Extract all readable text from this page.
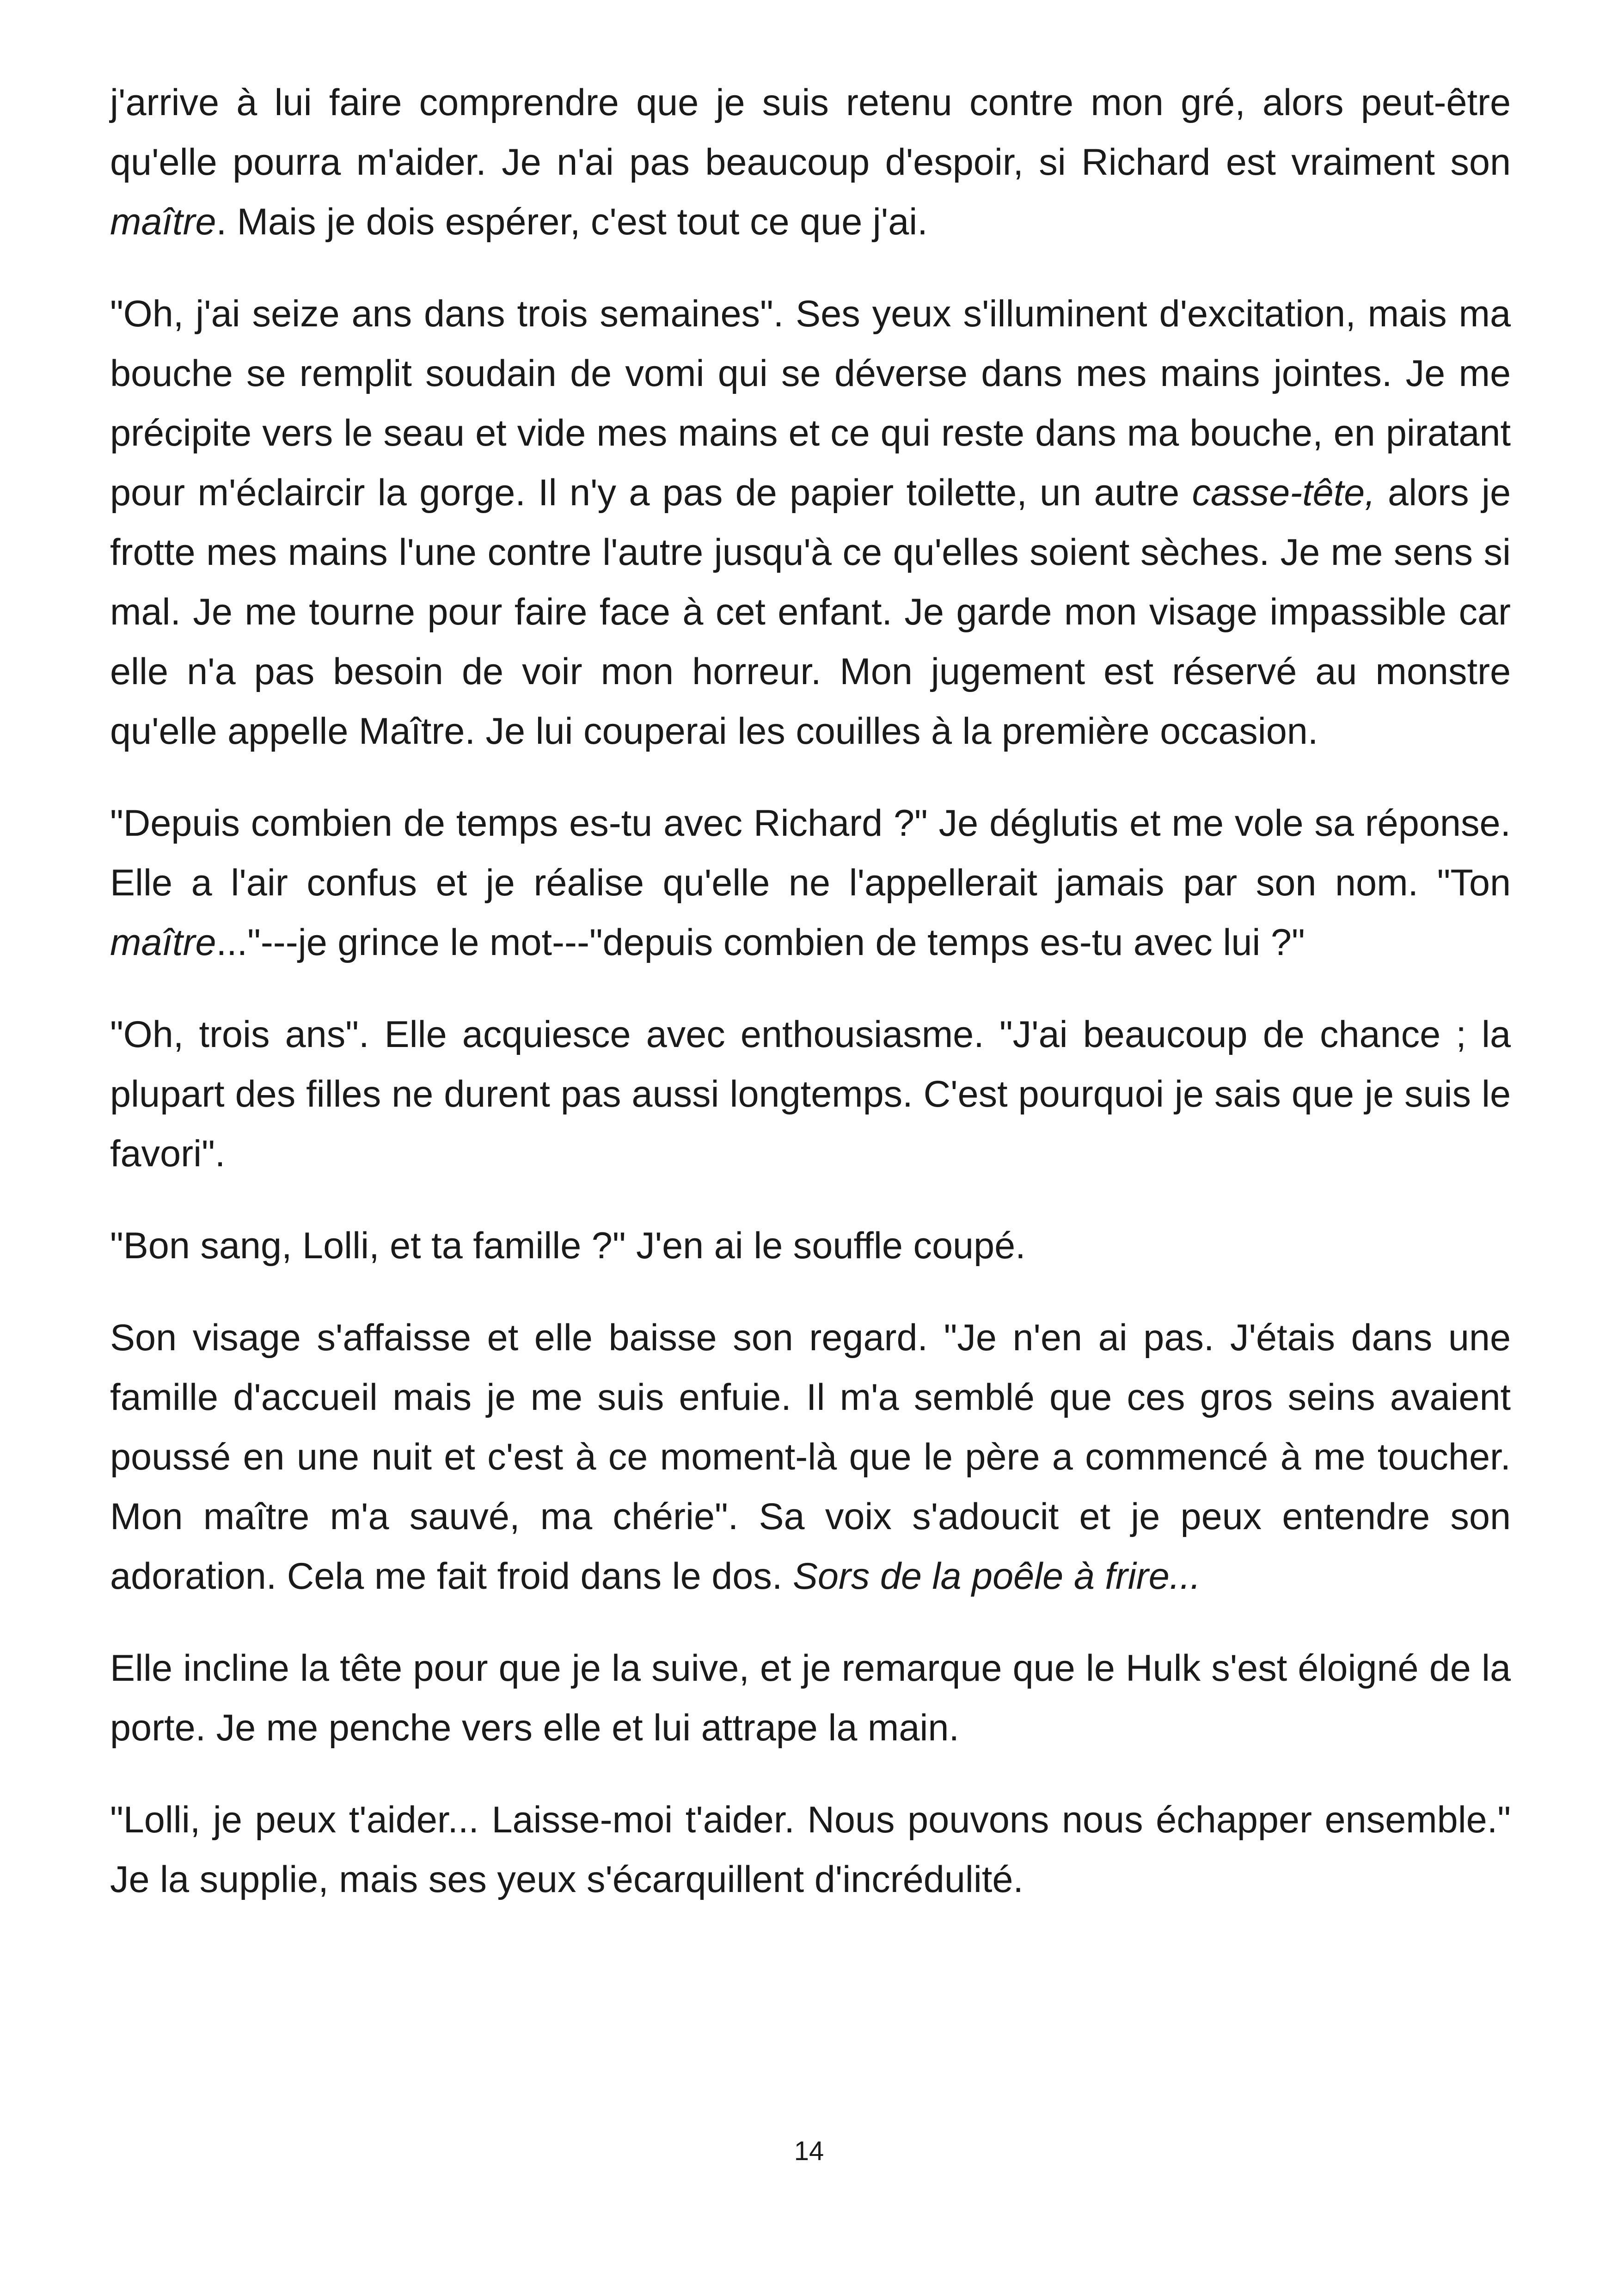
j'arrive à lui faire comprendre que je suis retenu contre mon gré, alors peut-être qu'elle pourra m'aider. Je n'ai pas beaucoup d'espoir, si Richard est vraiment son maître. Mais je dois espérer, c'est tout ce que j'ai.

"Oh, j'ai seize ans dans trois semaines". Ses yeux s'illuminent d'excitation, mais ma bouche se remplit soudain de vomi qui se déverse dans mes mains jointes. Je me précipite vers le seau et vide mes mains et ce qui reste dans ma bouche, en piratant pour m'éclaircir la gorge. Il n'y a pas de papier toilette, un autre casse-tête, alors je frotte mes mains l'une contre l'autre jusqu'à ce qu'elles soient sèches. Je me sens si mal. Je me tourne pour faire face à cet enfant. Je garde mon visage impassible car elle n'a pas besoin de voir mon horreur. Mon jugement est réservé au monstre qu'elle appelle Maître. Je lui couperai les couilles à la première occasion.

"Depuis combien de temps es-tu avec Richard ?" Je déglutis et me vole sa réponse. Elle a l'air confus et je réalise qu'elle ne l'appellerait jamais par son nom. "Ton maître..."---je grince le mot---"depuis combien de temps es-tu avec lui ?"

"Oh, trois ans". Elle acquiesce avec enthousiasme. "J'ai beaucoup de chance ; la plupart des filles ne durent pas aussi longtemps. C'est pourquoi je sais que je suis le favori".

"Bon sang, Lolli, et ta famille ?" J'en ai le souffle coupé.

Son visage s'affaisse et elle baisse son regard. "Je n'en ai pas. J'étais dans une famille d'accueil mais je me suis enfuie. Il m'a semblé que ces gros seins avaient poussé en une nuit et c'est à ce moment-là que le père a commencé à me toucher. Mon maître m'a sauvé, ma chérie". Sa voix s'adoucit et je peux entendre son adoration. Cela me fait froid dans le dos. Sors de la poêle à frire...

Elle incline la tête pour que je la suive, et je remarque que le Hulk s'est éloigné de la porte. Je me penche vers elle et lui attrape la main.

"Lolli, je peux t'aider... Laisse-moi t'aider. Nous pouvons nous échapper ensemble." Je la supplie, mais ses yeux s'écarquillent d'incrédulité.

14
